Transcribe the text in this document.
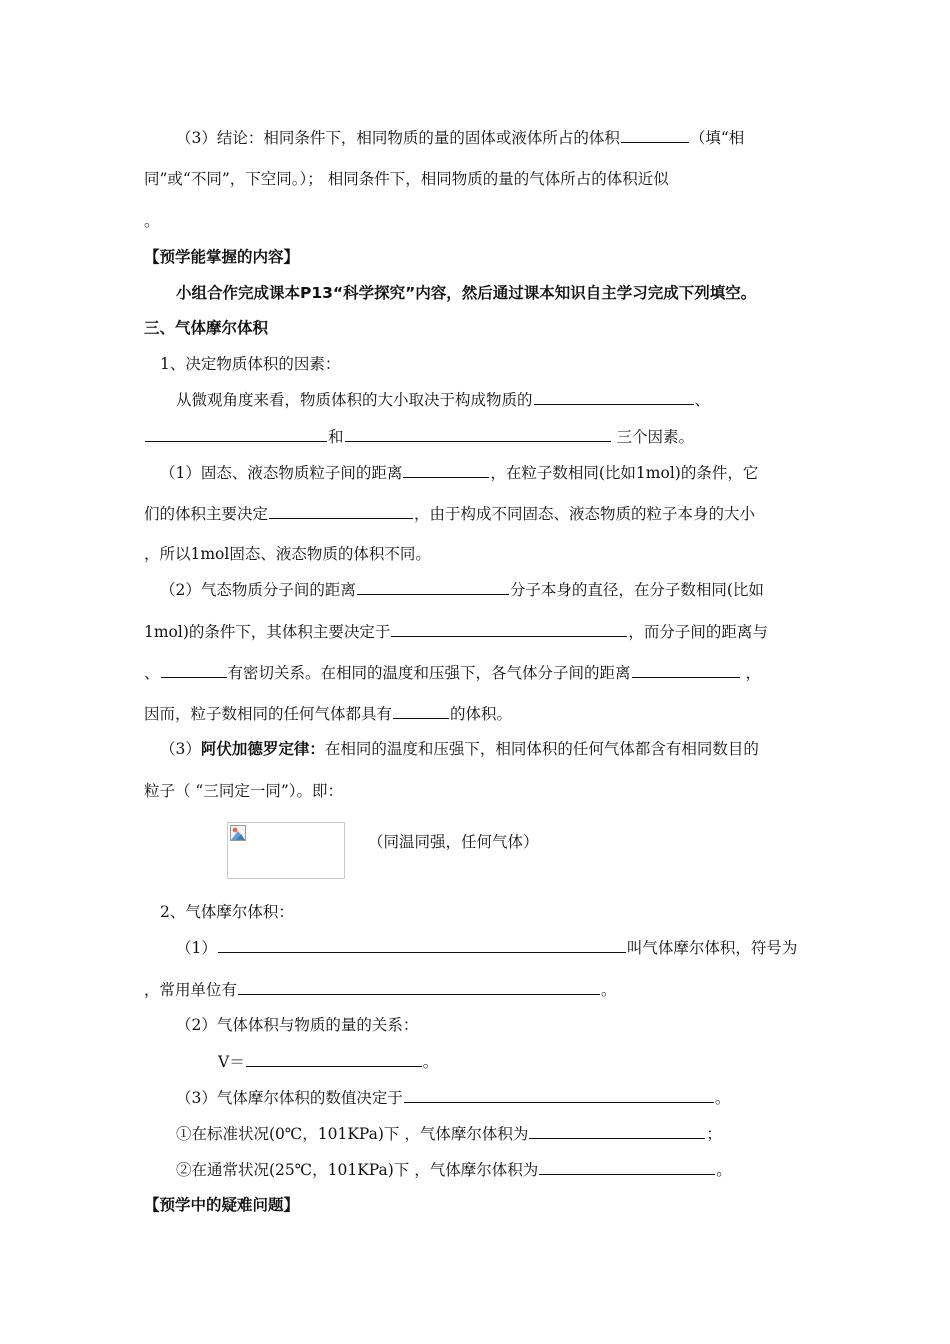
（3）结论：相同条件下，相同物质的量的固体或液体所占的体积	（填“相
同”或“不同”，下空同。）； 相同条件下，相同物质的量的气体所占的体积近似
。
【预学能掌握的内容】
小组合作完成课本P13“科学探究”内容，然后通过课本知识自主学习完成下列填空。
三、气体摩尔体积
1、决定物质体积的因素：
从微观角度来看，物质体积的大小取决于构成物质的	、
和	三个因素。
（1）固态、液态物质粒子间的距离	，在粒子数相同(比如1mol)的条件，它
们的体积主要决定	，由于构成不同固态、液态物质的粒子本身的大小
，所以1mol固态、液态物质的体积不同。
（2）气态物质分子间的距离	分子本身的直径，在分子数相同(比如
1mol)的条件下，其体积主要决定于	，而分子间的距离与
、	有密切关系。在相同的温度和压强下，各气体分子间的距离	，
因而，粒子数相同的任何气体都具有	的体积。
（3）阿伏加德罗定律：在相同的温度和压强下，相同体积的任何气体都含有相同数目的
粒子（ “三同定一同”）。即：
（同温同强，任何气体）
2、气体摩尔体积：
（1）	叫气体摩尔体积，符号为
，常用单位有	。
（2）气体体积与物质的量的关系：
V＝	。
（3）气体摩尔体积的数值决定于	。
①在标准状况(0℃，101KPa)下 ，气体摩尔体积为	；
②在通常状况(25℃，101KPa)下 ，气体摩尔体积为	。
【预学中的疑难问题】
